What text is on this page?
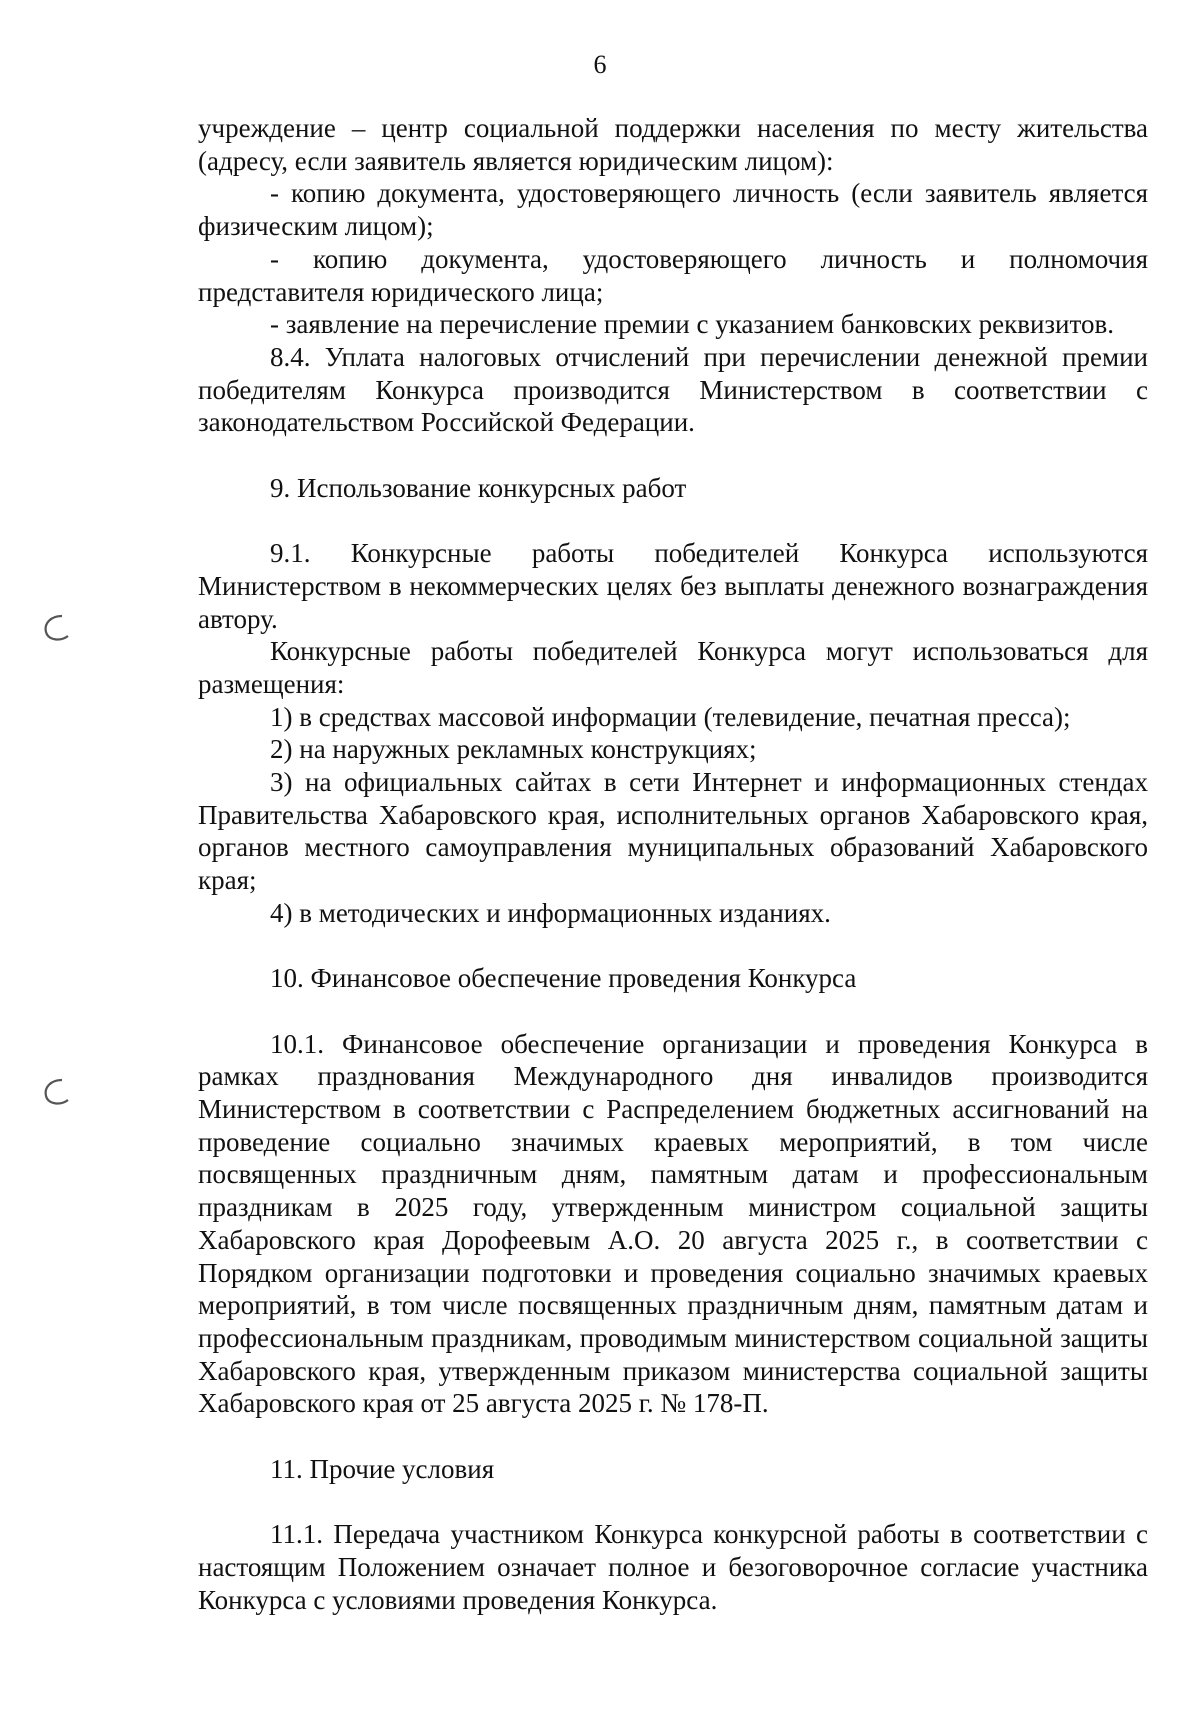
6

учреждение – центр социальной поддержки населения по месту жительства (адресу, если заявитель является юридическим лицом):

- копию документа, удостоверяющего личность (если заявитель является физическим лицом);

- копию документа, удостоверяющего личность и полномочия представителя юридического лица;

- заявление на перечисление премии с указанием банковских реквизитов.

8.4. Уплата налоговых отчислений при перечислении денежной премии победителям Конкурса производится Министерством в соответствии с законодательством Российской Федерации.

9. Использование конкурсных работ

9.1. Конкурсные работы победителей Конкурса используются Министерством в некоммерческих целях без выплаты денежного вознаграждения автору.

Конкурсные работы победителей Конкурса могут использоваться для размещения:

1) в средствах массовой информации (телевидение, печатная пресса);

2) на наружных рекламных конструкциях;

3) на официальных сайтах в сети Интернет и информационных стендах Правительства Хабаровского края, исполнительных органов Хабаровского края, органов местного самоуправления муниципальных образований Хабаровского края;

4) в методических и информационных изданиях.

10. Финансовое обеспечение проведения Конкурса

10.1. Финансовое обеспечение организации и проведения Конкурса в рамках празднования Международного дня инвалидов производится Министерством в соответствии с Распределением бюджетных ассигнований на проведение социально значимых краевых мероприятий, в том числе посвященных праздничным дням, памятным датам и профессиональным праздникам в 2025 году, утвержденным министром социальной защиты Хабаровского края Дорофеевым А.О. 20 августа 2025 г., в соответствии с Порядком организации подготовки и проведения социально значимых краевых мероприятий, в том числе посвященных праздничным дням, памятным датам и профессиональным праздникам, проводимым министерством социальной защиты Хабаровского края, утвержденным приказом министерства социальной защиты Хабаровского края от 25 августа 2025 г. № 178-П.

11. Прочие условия

11.1. Передача участником Конкурса конкурсной работы в соответствии с настоящим Положением означает полное и безоговорочное согласие участника Конкурса с условиями проведения Конкурса.
